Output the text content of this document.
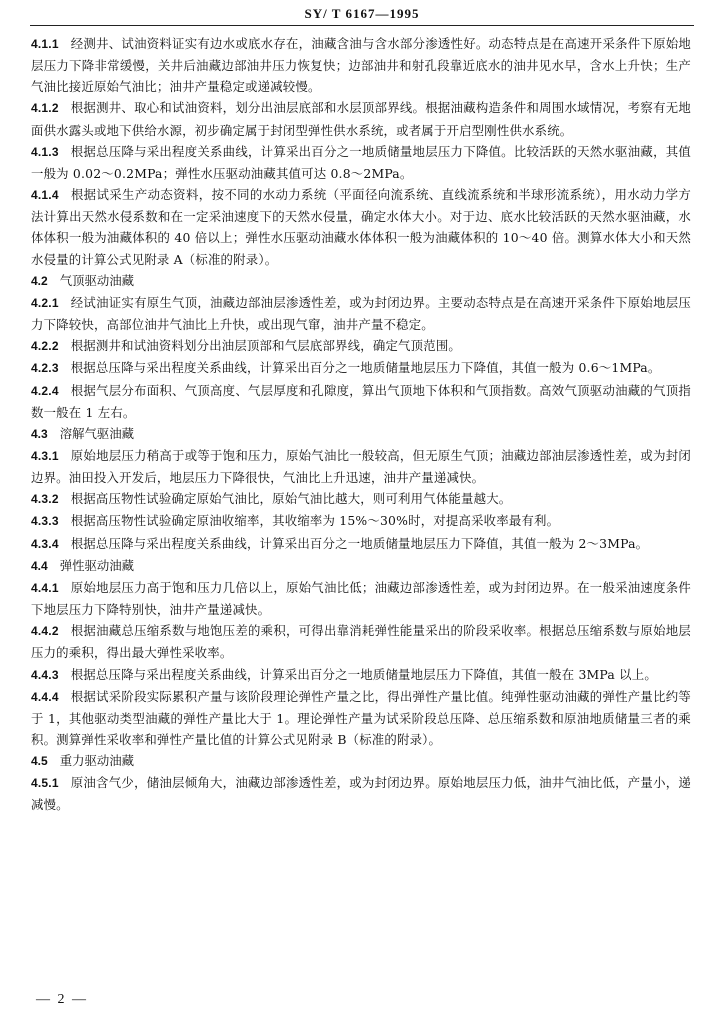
SY/ T 6167—1995

4.1.1 经测井、试油资料证实有边水或底水存在，油藏含油与含水部分渗透性好。动态特点是在高速开采条件下原始地层压力下降非常缓慢，关井后油藏边部油井压力恢复快；边部油井和射孔段靠近底水的油井见水早，含水上升快；生产气油比接近原始气油比；油井产量稳定或递减较慢。

4.1.2 根据测井、取心和试油资料，划分出油层底部和水层顶部界线。根据油藏构造条件和周围水域情况，考察有无地面供水露头或地下供给水源，初步确定属于封闭型弹性供水系统，或者属于开启型刚性供水系统。

4.1.3 根据总压降与采出程度关系曲线，计算采出百分之一地质储量地层压力下降值。比较活跃的天然水驱油藏，其值一般为 0.02～0.2MPa；弹性水压驱动油藏其值可达 0.8～2MPa。

4.1.4 根据试采生产动态资料，按不同的水动力系统（平面径向流系统、直线流系统和半球形流系统），用水动力学方法计算出天然水侵系数和在一定采油速度下的天然水侵量，确定水体大小。对于边、底水比较活跃的天然水驱油藏，水体体积一般为油藏体积的 40 倍以上；弹性水压驱动油藏水体体积一般为油藏体积的 10～40 倍。测算水体大小和天然水侵量的计算公式见附录 A（标准的附录）。

4.2 气顶驱动油藏

4.2.1 经试油证实有原生气顶，油藏边部油层渗透性差，或为封闭边界。主要动态特点是在高速开采条件下原始地层压力下降较快，高部位油井气油比上升快，或出现气窜，油井产量不稳定。

4.2.2 根据测井和试油资料划分出油层顶部和气层底部界线，确定气顶范围。

4.2.3 根据总压降与采出程度关系曲线，计算采出百分之一地质储量地层压力下降值，其值一般为 0.6～1MPa。

4.2.4 根据气层分布面积、气顶高度、气层厚度和孔隙度，算出气顶地下体积和气顶指数。高效气顶驱动油藏的气顶指数一般在 1 左右。

4.3 溶解气驱油藏

4.3.1 原始地层压力稍高于或等于饱和压力，原始气油比一般较高，但无原生气顶；油藏边部油层渗透性差，或为封闭边界。油田投入开发后，地层压力下降很快，气油比上升迅速，油井产量递减快。

4.3.2 根据高压物性试验确定原始气油比，原始气油比越大，则可利用气体能量越大。

4.3.3 根据高压物性试验确定原油收缩率，其收缩率为 15%～30%时，对提高采收率最有利。

4.3.4 根据总压降与采出程度关系曲线，计算采出百分之一地质储量地层压力下降值，其值一般为 2～3MPa。

4.4 弹性驱动油藏

4.4.1 原始地层压力高于饱和压力几倍以上，原始气油比低；油藏边部渗透性差，或为封闭边界。在一般采油速度条件下地层压力下降特别快，油井产量递减快。

4.4.2 根据油藏总压缩系数与地饱压差的乘积，可得出靠消耗弹性能量采出的阶段采收率。根据总压缩系数与原始地层压力的乘积，得出最大弹性采收率。

4.4.3 根据总压降与采出程度关系曲线，计算采出百分之一地质储量地层压力下降值，其值一般在 3MPa 以上。

4.4.4 根据试采阶段实际累积产量与该阶段理论弹性产量之比，得出弹性产量比值。纯弹性驱动油藏的弹性产量比约等于 1，其他驱动类型油藏的弹性产量比大于 1。理论弹性产量为试采阶段总压降、总压缩系数和原油地质储量三者的乘积。测算弹性采收率和弹性产量比值的计算公式见附录 B（标准的附录）。

4.5 重力驱动油藏

4.5.1 原油含气少，储油层倾角大，油藏边部渗透性差，或为封闭边界。原始地层压力低，油井气油比低，产量小，递减慢。

— 2 —
